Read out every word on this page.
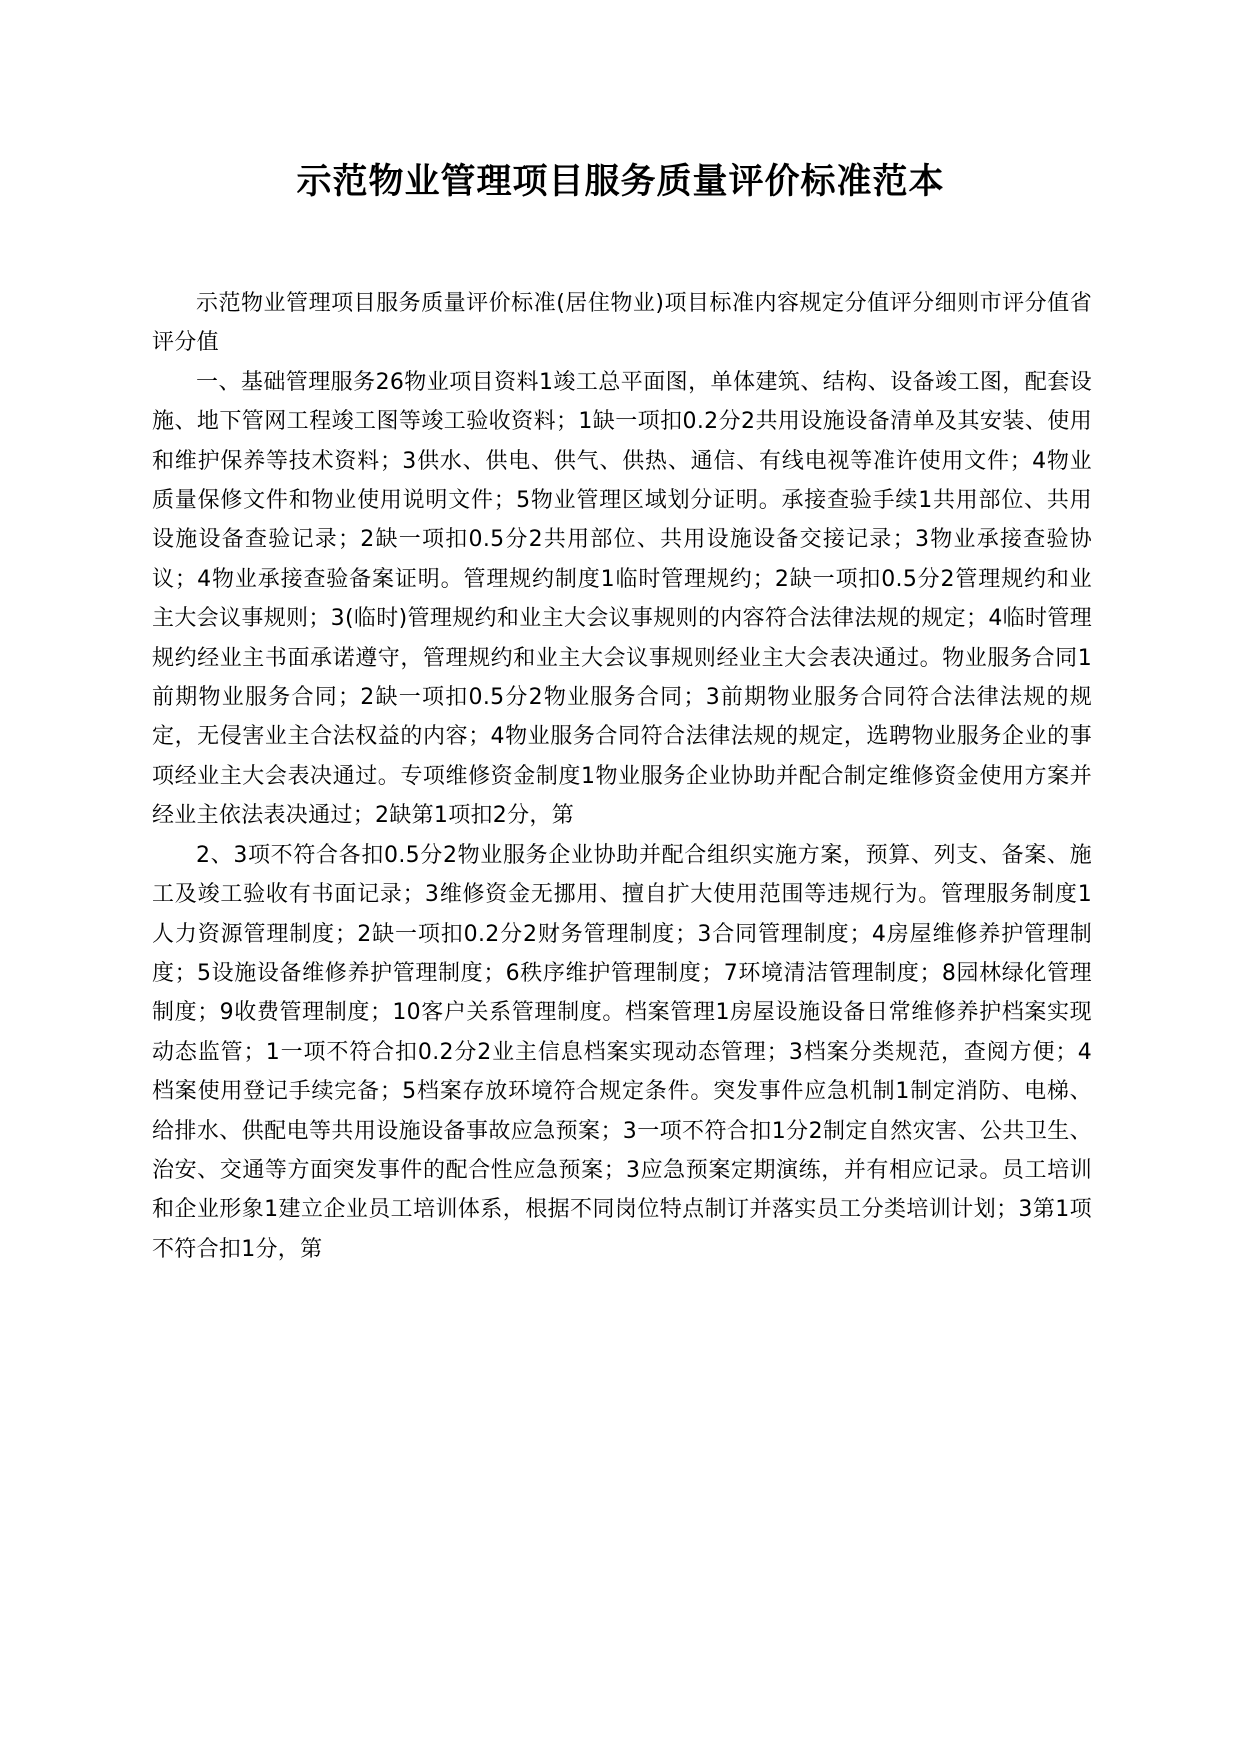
示范物业管理项目服务质量评价标准范本

示范物业管理项目服务质量评价标准(居住物业)项目标准内容规定分值评分细则市评分值省评分值

一、基础管理服务26物业项目资料1竣工总平面图，单体建筑、结构、设备竣工图，配套设施、地下管网工程竣工图等竣工验收资料；1缺一项扣0.2分2共用设施设备清单及其安装、使用和维护保养等技术资料；3供水、供电、供气、供热、通信、有线电视等准许使用文件；4物业质量保修文件和物业使用说明文件；5物业管理区域划分证明。承接查验手续1共用部位、共用设施设备查验记录；2缺一项扣0.5分2共用部位、共用设施设备交接记录；3物业承接查验协议；4物业承接查验备案证明。管理规约制度1临时管理规约；2缺一项扣0.5分2管理规约和业主大会议事规则；3(临时)管理规约和业主大会议事规则的内容符合法律法规的规定；4临时管理规约经业主书面承诺遵守，管理规约和业主大会议事规则经业主大会表决通过。物业服务合同1前期物业服务合同；2缺一项扣0.5分2物业服务合同；3前期物业服务合同符合法律法规的规定，无侵害业主合法权益的内容；4物业服务合同符合法律法规的规定，选聘物业服务企业的事项经业主大会表决通过。专项维修资金制度1物业服务企业协助并配合制定维修资金使用方案并经业主依法表决通过；2缺第1项扣2分，第

2、3项不符合各扣0.5分2物业服务企业协助并配合组织实施方案，预算、列支、备案、施工及竣工验收有书面记录；3维修资金无挪用、擅自扩大使用范围等违规行为。管理服务制度1人力资源管理制度；2缺一项扣0.2分2财务管理制度；3合同管理制度；4房屋维修养护管理制度；5设施设备维修养护管理制度；6秩序维护管理制度；7环境清洁管理制度；8园林绿化管理制度；9收费管理制度；10客户关系管理制度。档案管理1房屋设施设备日常维修养护档案实现动态监管；1一项不符合扣0.2分2业主信息档案实现动态管理；3档案分类规范，查阅方便；4档案使用登记手续完备；5档案存放环境符合规定条件。突发事件应急机制1制定消防、电梯、给排水、供配电等共用设施设备事故应急预案；3一项不符合扣1分2制定自然灾害、公共卫生、治安、交通等方面突发事件的配合性应急预案；3应急预案定期演练，并有相应记录。员工培训和企业形象1建立企业员工培训体系，根据不同岗位特点制订并落实员工分类培训计划；3第1项不符合扣1分，第
